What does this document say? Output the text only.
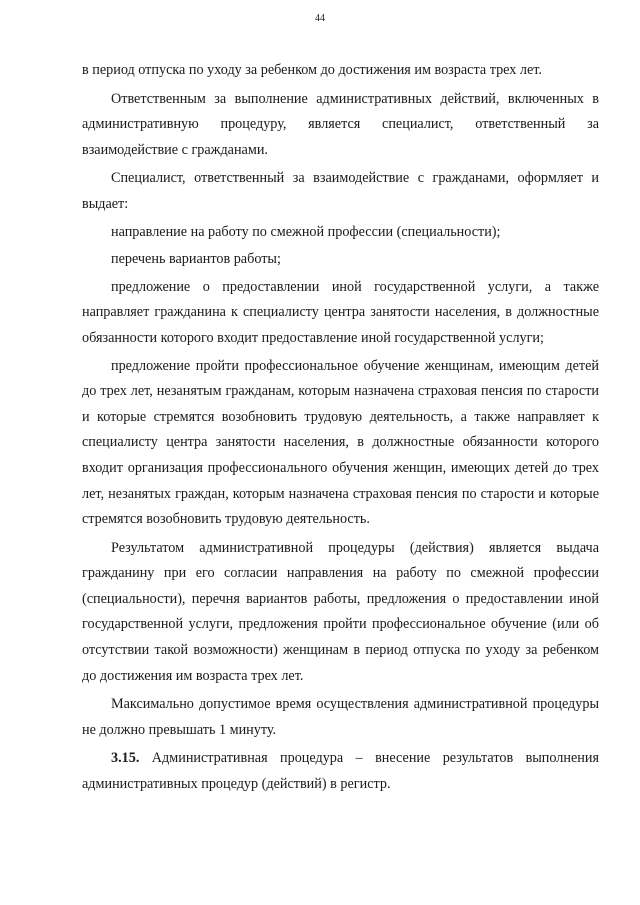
44

в период отпуска по уходу за ребенком до достижения им возраста трех лет.

Ответственным за выполнение административных действий, включенных в административную процедуру, является специалист, ответственный за взаимодействие с гражданами.

Специалист, ответственный за взаимодействие с гражданами, оформляет и выдает:

направление на работу по смежной профессии (специальности);

перечень вариантов работы;

предложение о предоставлении иной государственной услуги, а также направляет гражданина к специалисту центра занятости населения, в должностные обязанности которого входит предоставление иной государственной услуги;

предложение пройти профессиональное обучение женщинам, имеющим детей до трех лет, незанятым гражданам, которым назначена страховая пенсия по старости и которые стремятся возобновить трудовую деятельность, а также направляет к специалисту центра занятости населения, в должностные обязанности которого входит организация профессионального обучения женщин, имеющих детей до трех лет, незанятых граждан, которым назначена страховая пенсия по старости и которые стремятся возобновить трудовую деятельность.

Результатом административной процедуры (действия) является выдача гражданину при его согласии направления на работу по смежной профессии (специальности), перечня вариантов работы, предложения о предоставлении иной государственной услуги, предложения пройти профессиональное обучение (или об отсутствии такой возможности) женщинам в период отпуска по уходу за ребенком до достижения им возраста трех лет.

Максимально допустимое время осуществления административной процедуры не должно превышать 1 минуту.

3.15. Административная процедура – внесение результатов выполнения административных процедур (действий) в регистр.
